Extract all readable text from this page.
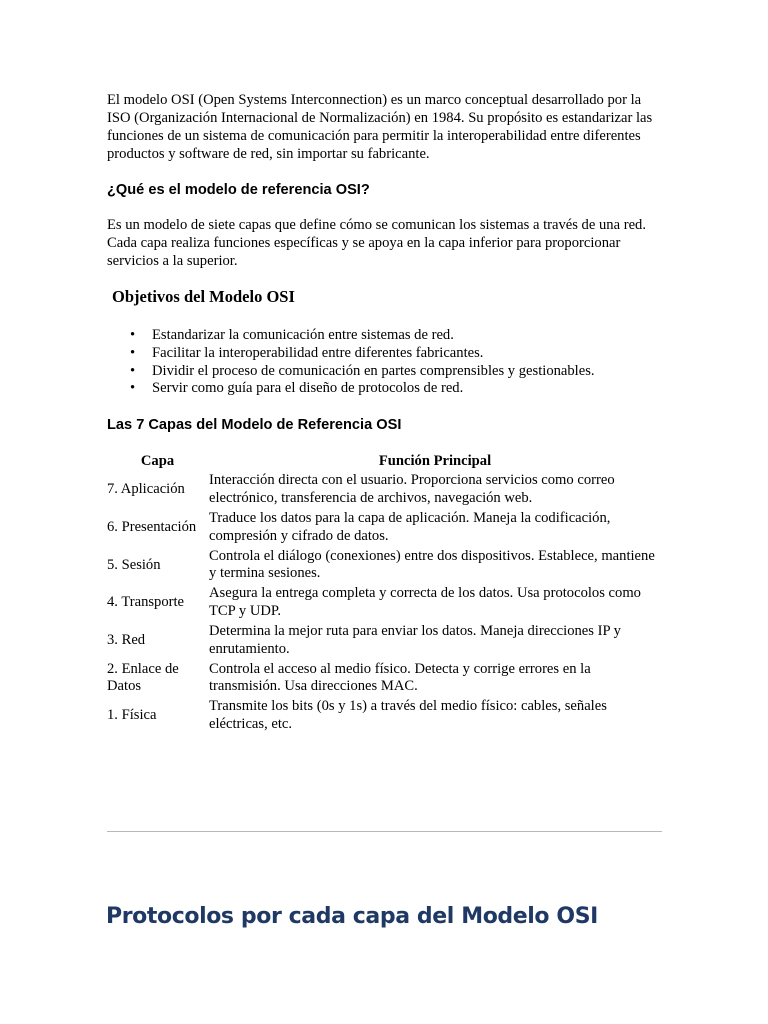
El modelo OSI (Open Systems Interconnection) es un marco conceptual desarrollado por la ISO (Organización Internacional de Normalización) en 1984. Su propósito es estandarizar las funciones de un sistema de comunicación para permitir la interoperabilidad entre diferentes productos y software de red, sin importar su fabricante.

¿Qué es el modelo de referencia OSI?

Es un modelo de siete capas que define cómo se comunican los sistemas a través de una red. Cada capa realiza funciones específicas y se apoya en la capa inferior para proporcionar servicios a la superior.

Objetivos del Modelo OSI
• Estandarizar la comunicación entre sistemas de red.
• Facilitar la interoperabilidad entre diferentes fabricantes.
• Dividir el proceso de comunicación en partes comprensibles y gestionables.
• Servir como guía para el diseño de protocolos de red.
Las 7 Capas del Modelo de Referencia OSI
Capa	Función Principal
7. Aplicación	Interacción directa con el usuario. Proporciona servicios como correo electrónico, transferencia de archivos, navegación web.
6. Presentación	Traduce los datos para la capa de aplicación. Maneja la codificación, compresión y cifrado de datos.
5. Sesión	Controla el diálogo (conexiones) entre dos dispositivos. Establece, mantiene y termina sesiones.
4. Transporte	Asegura la entrega completa y correcta de los datos. Usa protocolos como TCP y UDP.
3. Red	Determina la mejor ruta para enviar los datos. Maneja direcciones IP y enrutamiento.
2. Enlace de Datos	Controla el acceso al medio físico. Detecta y corrige errores en la transmisión. Usa direcciones MAC.
1. Física	Transmite los bits (0s y 1s) a través del medio físico: cables, señales eléctricas, etc.
Protocolos por cada capa del Modelo OSI
